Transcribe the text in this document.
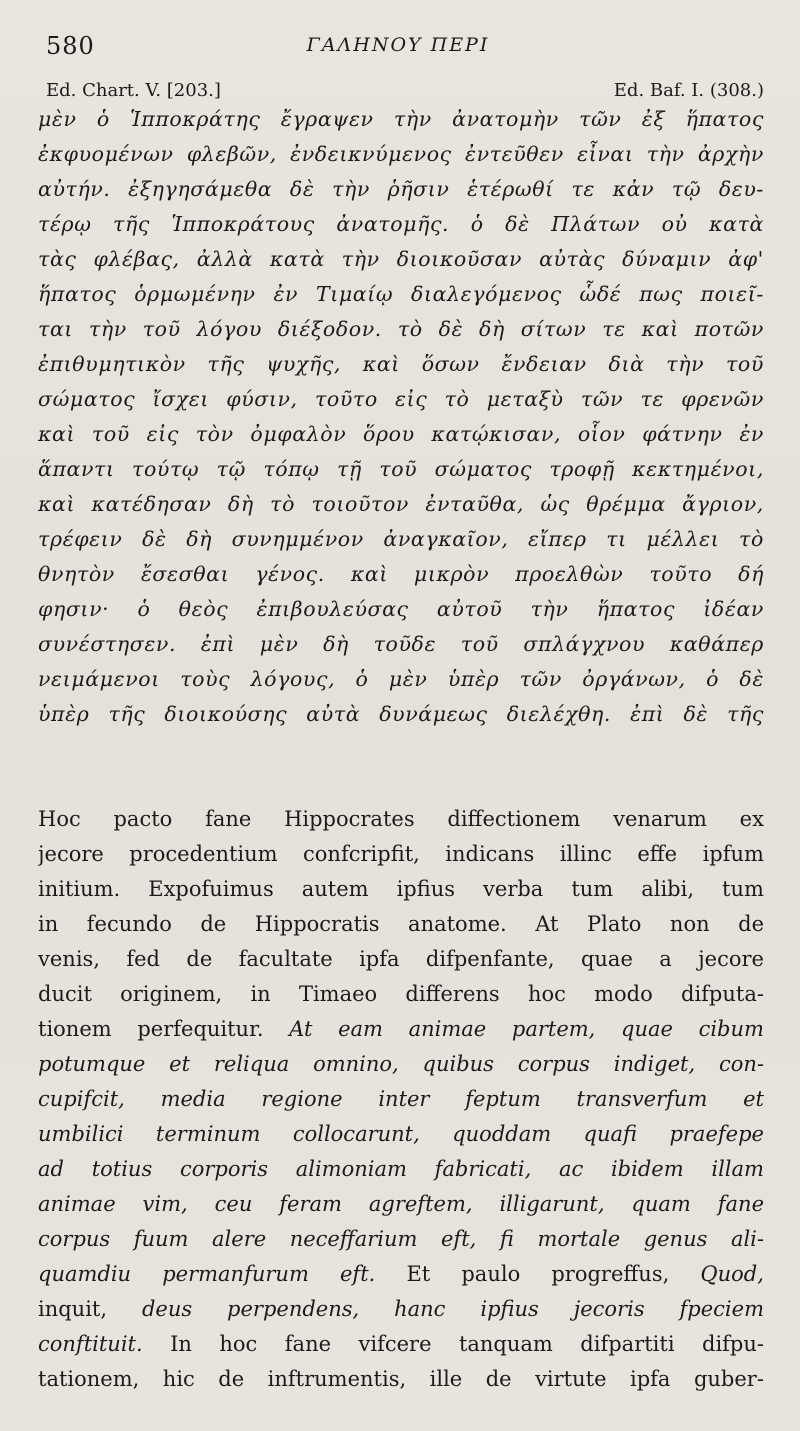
580	ΓΑΛΗΝΟΥ ΠΕΡΙ
Ed. Chart. V. [203.]	Ed. Baf. I. (308.)
μὲν ὁ Ἱπποκράτης ἔγραψεν τὴν ἀνατομὴν τῶν ἐξ ἥπατος
ἐκφυομένων φλεβῶν, ἐνδεικνύμενος ἐντεῦθεν εἶναι τὴν ἀρχὴν
αὐτήν. ἐξηγησάμεθα δὲ τὴν ῥῆσιν ἑτέρωθί τε κἀν τῷ δευ-
τέρῳ τῆς Ἱπποκράτους ἀνατομῆς. ὁ δὲ Πλάτων οὐ κατὰ
τὰς φλέβας, ἀλλὰ κατὰ τὴν διοικοῦσαν αὐτὰς δύναμιν ἀφ'
ἥπατος ὁρμωμένην ἐν Τιμαίῳ διαλεγόμενος ὧδέ πως ποιεῖ-
ται τὴν τοῦ λόγου διέξοδον. τὸ δὲ δὴ σίτων τε καὶ ποτῶν
ἐπιθυμητικὸν τῆς ψυχῆς, καὶ ὅσων ἔνδειαν διὰ τὴν τοῦ
σώματος ἴσχει φύσιν, τοῦτο εἰς τὸ μεταξὺ τῶν τε φρενῶν
καὶ τοῦ εἰς τὸν ὀμφαλὸν ὅρου κατῴκισαν, οἷον φάτνην ἐν
ἅπαντι τούτῳ τῷ τόπῳ τῇ τοῦ σώματος τροφῇ κεκτημένοι,
καὶ κατέδησαν δὴ τὸ τοιοῦτον ἐνταῦθα, ὡς θρέμμα ἄγριον,
τρέφειν δὲ δὴ συνημμένον ἀναγκαῖον, εἴπερ τι μέλλει τὸ
θνητὸν ἔσεσθαι γένος. καὶ μικρὸν προελθὼν τοῦτο δή
φησιν· ὁ θεὸς ἐπιβουλεύσας αὐτοῦ τὴν ἥπατος ἰδέαν
συνέστησεν. ἐπὶ μὲν δὴ τοῦδε τοῦ σπλάγχνου καθάπερ
νειμάμενοι τοὺς λόγους, ὁ μὲν ὑπὲρ τῶν ὀργάνων, ὁ δὲ
ὑπὲρ τῆς διοικούσης αὐτὰ δυνάμεως διελέχθη. ἐπὶ δὲ τῆς
Hoc pacto fane Hippocrates diffectionem venarum ex
jecore procedentium confcripfit, indicans illinc effe ipfum
initium. Expofuimus autem ipfius verba tum alibi, tum
in fecundo de Hippocratis anatome. At Plato non de
venis, fed de facultate ipfa difpenfante, quae a jecore
ducit originem, in Timaeo differens hoc modo difputa-
tionem perfequitur. At eam animae partem, quae cibum
potumque et reliqua omnino, quibus corpus indiget, con-
cupifcit, media regione inter feptum transverfum et
umbilici terminum collocarunt, quoddam quafi praefepe
ad totius corporis alimoniam fabricati, ac ibidem illam
animae vim, ceu feram agreftem, illigarunt, quam fane
corpus fuum alere neceffarium eft, fi mortale genus ali-
quamdiu permanfurum eft. Et paulo progreffus, Quod,
inquit, deus perpendens, hanc ipfius jecoris fpeciem
conftituit. In hoc fane vifcere tanquam difpartiti difpu-
tationem, hic de inftrumentis, ille de virtute ipfa guber-
